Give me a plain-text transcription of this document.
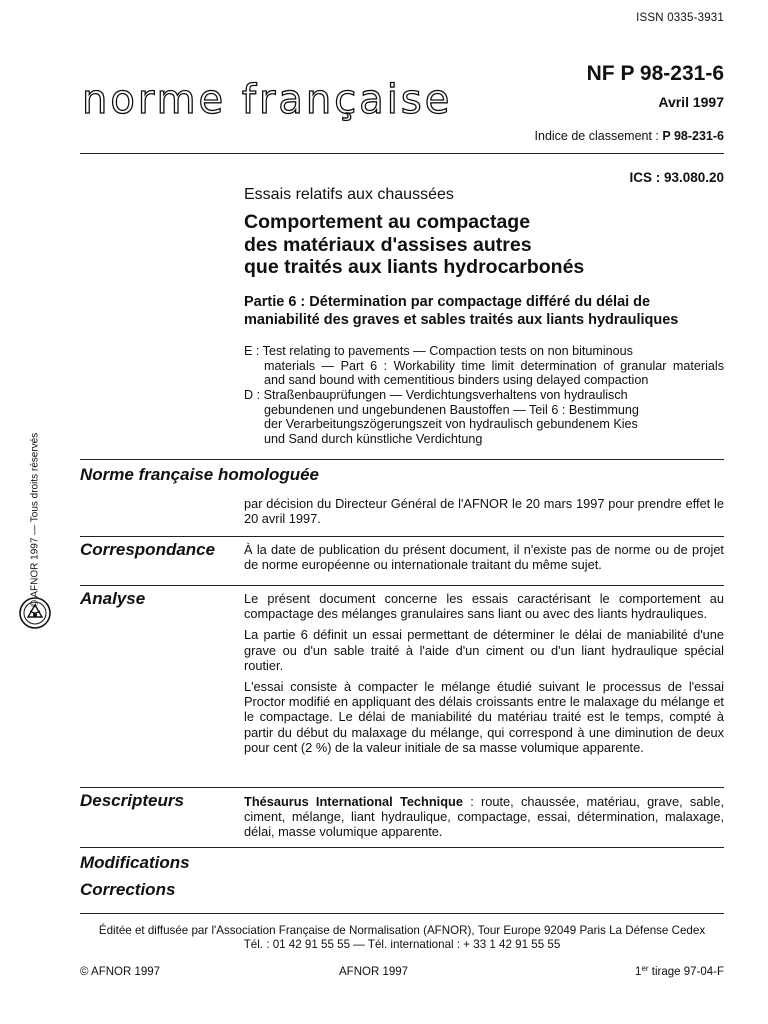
ISSN 0335-3931
norme française
NF P 98-231-6
Avril 1997
Indice de classement : P 98-231-6
ICS : 93.080.20
Essais relatifs aux chaussées
Comportement au compactage
des matériaux d'assises autres
que traités aux liants hydrocarbonés
Partie 6 : Détermination par compactage différé du délai de
maniabilité des graves et sables traités aux liants hydrauliques
E : Test relating to pavements — Compaction tests on non bituminous
materials — Part 6 : Workability time limit determination of granular materials
and sand bound with cementitious binders using delayed compaction
D : Straßenbauprüfungen — Verdichtungsverhaltens von hydraulisch
gebundenen und ungebundenen Baustoffen — Teil 6 : Bestimmung
der Verarbeitungszögerungszeit von hydraulisch gebundenem Kies
und Sand durch künstliche Verdichtung
© AFNOR 1997 — Tous droits réservés Norme française homologuée

par décision du Directeur Général de l'AFNOR le 20 mars 1997 pour prendre effet le 20 avril 1997.

Correspondance À la date de publication du présent document, il n'existe pas de norme ou de projet de norme européenne ou internationale traitant du même sujet.

Analyse	Le présent document concerne les essais caractérisant le comportement au compactage des mélanges granulaires sans liant ou avec des liants hydrauliques.

La partie 6 définit un essai permettant de déterminer le délai de maniabilité d'une grave ou d'un sable traité à l'aide d'un ciment ou d'un liant hydraulique spécial routier.

L'essai consiste à compacter le mélange étudié suivant le processus de l'essai Proctor modifié en appliquant des délais croissants entre le malaxage du mélange et le compactage. Le délai de maniabilité du matériau traité est le temps, compté à partir du début du malaxage du mélange, qui correspond à une diminution de deux pour cent (2 %) de la valeur initiale de sa masse volumique apparente.

Descripteurs	Thésaurus International Technique : route, chaussée, matériau, grave, sable, ciment, mélange, liant hydraulique, compactage, essai, détermination, malaxage, délai, masse volumique apparente.

Modifications
Corrections
Éditée et diffusée par l'Association Française de Normalisation (AFNOR), Tour Europe 92049 Paris La Défense Cedex
Tél. : 01 42 91 55 55 — Tél. international : + 33 1 42 91 55 55
© AFNOR 1997	AFNOR 1997	1er tirage 97-04-F
